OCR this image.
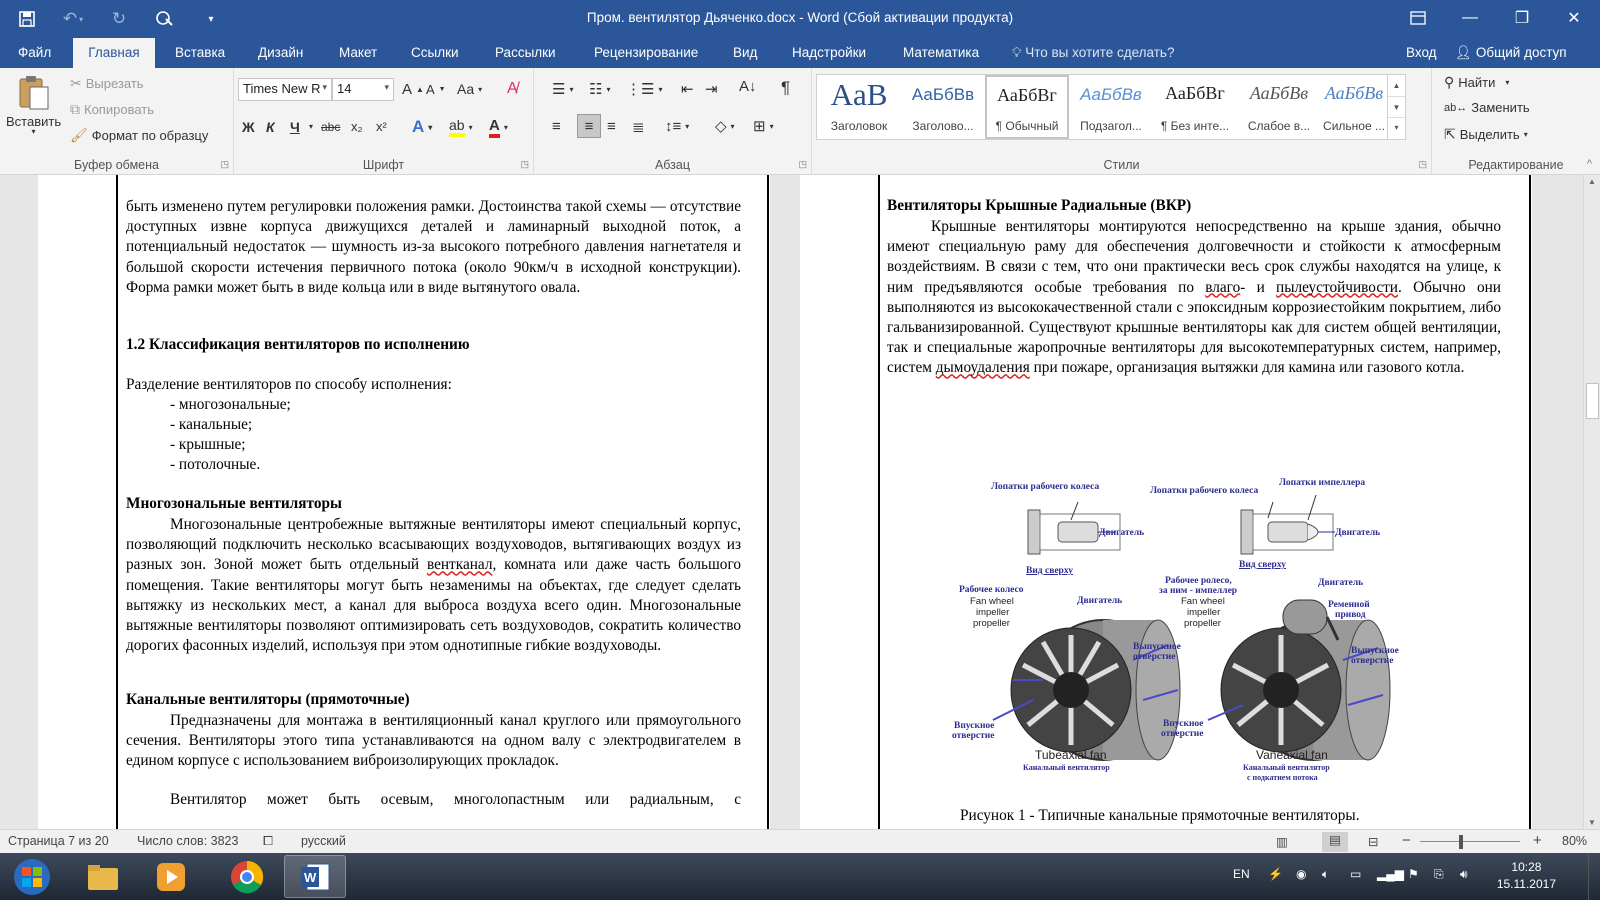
↶ ▾	↻	▾	Пром. вентилятор Дьяченко.docx - Word (Сбой активации продукта)	—	❐	✕
Файл	Главная	Вставка	Дизайн	Макет	Ссылки	Рассылки	Рецензирование	Вид	Надстройки	Математика	💡︎ Что вы хотите сделать?	Вход 👤︎ Общий доступ
Вставить
▾
✂ Вырезать
⧉ Копировать
🖌︎ Формат по образцу
Буфер обмена	◳
Times New R ▾ 14	▾ A ▲ A ▼ Aa ▾ A̸
Ж К Ч ▾ abc x₂ x² A ▾ ab ▾ A ▾
Шрифт	◳
☰ ▾ ☷ ▾ ⋮☰ ▾ ⇤ ⇥ A↓ ¶
≡	≡ ≡ ≣ ↕≡ ▾ ◇ ▾ ⊞ ▾
Абзац	◳
AaB
Заголовок
АаБбВв
Заголово...
АаБбВг
¶ Обычный
АаБбВв
Подзагол...
АаБбВг
¶ Без инте...
АаБбВв
Слабое в...
АаБбВв
Сильное ...
▲
▼
▾
Стили	◳
⚲ Найти ▾
ab↔ Заменить
⇱ Выделить ▾
Редактирование	^
быть изменено путем регулировки положения рамки. Достоинства такой схемы — отсутствие доступных извне корпуса движущихся деталей и ламинарный выходной поток, а потенциальный недостаток — шумность из-за высокого потребного давления нагнетателя и большой скорости истечения первичного потока (около 90км/ч в исходной конструкции). Форма рамки может быть в виде кольца или в виде вытянутого овала.
1.2 Классификация вентиляторов по исполнению
Разделение вентиляторов по способу исполнения:
- многозональные;
- канальные;
- крышные;
- потолочные.
Многозональные вентиляторы
Многозональные центробежные вытяжные вентиляторы имеют специальный корпус, позволяющий подключить несколько всасывающих воздуховодов, вытягивающих воздух из разных зон. Зоной может быть отдельный вентканал, комната или даже часть большого помещения. Такие вентиляторы могут быть незаменимы на объектах, где следует сделать вытяжку из нескольких мест, а канал для выброса воздуха всего один. Многозональные вытяжные вентиляторы позволяют оптимизировать сеть воздуховодов, сократить количество дорогих фасонных изделий, используя при этом однотипные гибкие воздуховоды.
Канальные вентиляторы (прямоточные)
Предназначены для монтажа в вентиляционный канал круглого или прямоугольного сечения. Вентиляторы этого типа устанавливаются на одном валу с электродвигателем в едином корпусе с использованием виброизолирующих прокладок.
Вентилятор может быть осевым, многолопастным или радиальным, с
Вентиляторы Крышные Радиальные (ВКР)
Крышные вентиляторы монтируются непосредственно на крыше здания, обычно имеют специальную раму для обеспечения долговечности и стойкости к атмосферным воздействиям. В связи с тем, что они практически весь срок службы находятся на улице, к ним предъявляются особые требования по влаго- и пылеустойчивости. Обычно они выполняются из высококачественной стали с эпоксидным коррозиестойким покрытием, либо гальванизированной. Существуют крышные вентиляторы как для систем общей вентиляции, так и специальные жаропрочные вентиляторы для высокотемпературных систем, например, систем дымоудаления при пожаре, организация вытяжки для камина или газового котла.
Лопатки рабочего колеса	Лопатки рабочего колеса
Лопатки импеллера
Двигатель	Двигатель
Вид сверху
Вид сверху
Рабочее колесо
Fan wheel
impeller
propeller
Двигатель
Рабочее ролесо,
за ним - импеллер
Fan wheel
impeller
propeller
Двигатель
Ременной
привод
Выпускное
отверстие
Выпускное
отверстие
Впускное
отверстие
Впускное
отверстие
Tubeaxial fan
Канальный вентилятор
Vaneaxial fan
Канальный вентилятор
с подкатием потока
Рисунок 1 - Типичные канальные прямоточные вентиляторы.
▲
▼
Страница 7 из 20 Число слов: 3823 ⧠ русский	▥	▤	⊟ −	+ 80%
W	EN ⚡ ◉ 🔈︎ ▭ ▂▄▆ ⚑ ⎘ 🔊︎	10:28
15.11.2017
